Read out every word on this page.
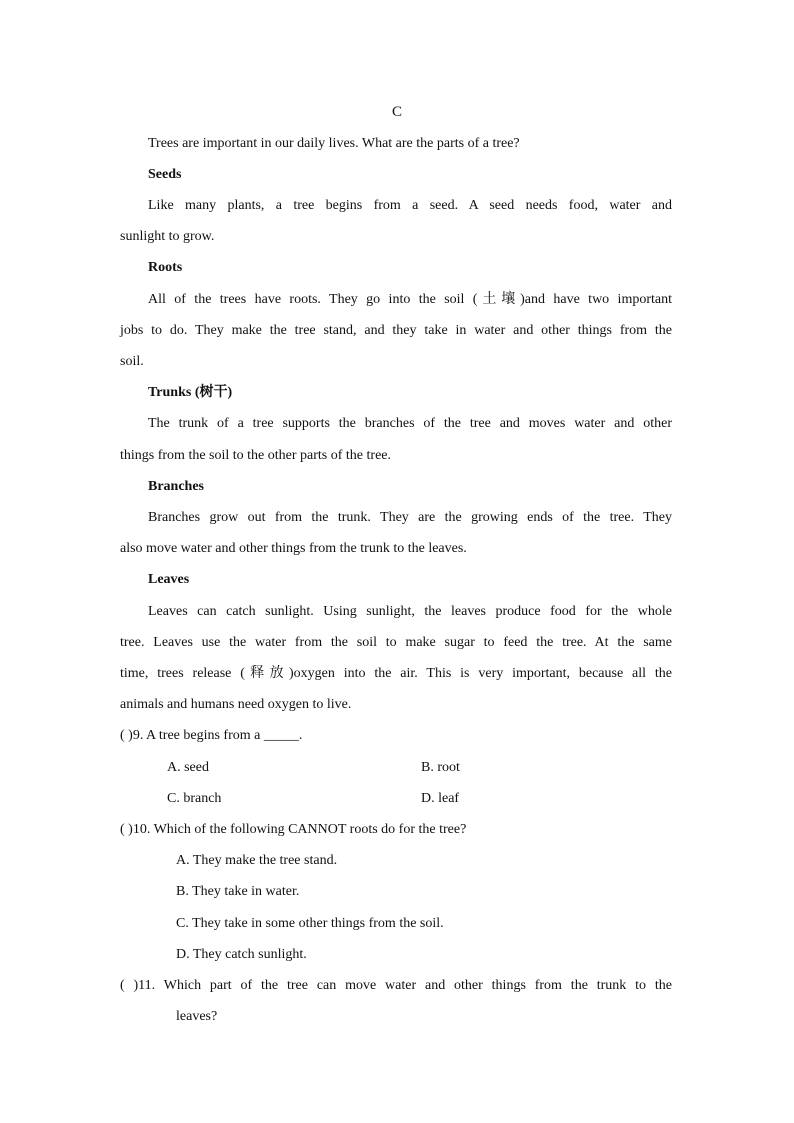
C
Trees are important in our daily lives. What are the parts of a tree?
Seeds
Like many plants, a tree begins from a seed. A seed needs food, water and
sunlight to grow.
Roots
All of the trees have roots. They go into the soil (土壤)and have two important
jobs to do. They make the tree stand, and they take in water and other things from the
soil.
Trunks (树干)
The trunk of a tree supports the branches of the tree and moves water and other
things from the soil to the other parts of the tree.
Branches
Branches grow out from the trunk. They are the growing ends of the tree. They
also move water and other things from the trunk to the leaves.
Leaves
Leaves can catch sunlight. Using sunlight, the leaves produce food for the whole
tree. Leaves use the water from the soil to make sugar to feed the tree. At the same
time, trees release (释放)oxygen into the air. This is very important, because all the
animals and humans need oxygen to live.
( )9. A tree begins from a _____.
A. seed	B. root
C. branch	D. leaf
( )10. Which of the following CANNOT roots do for the tree?
A. They make the tree stand.
B. They take in water.
C. They take in some other things from the soil.
D. They catch sunlight.
( )11. Which part of the tree can move water and other things from the trunk to the
leaves?
